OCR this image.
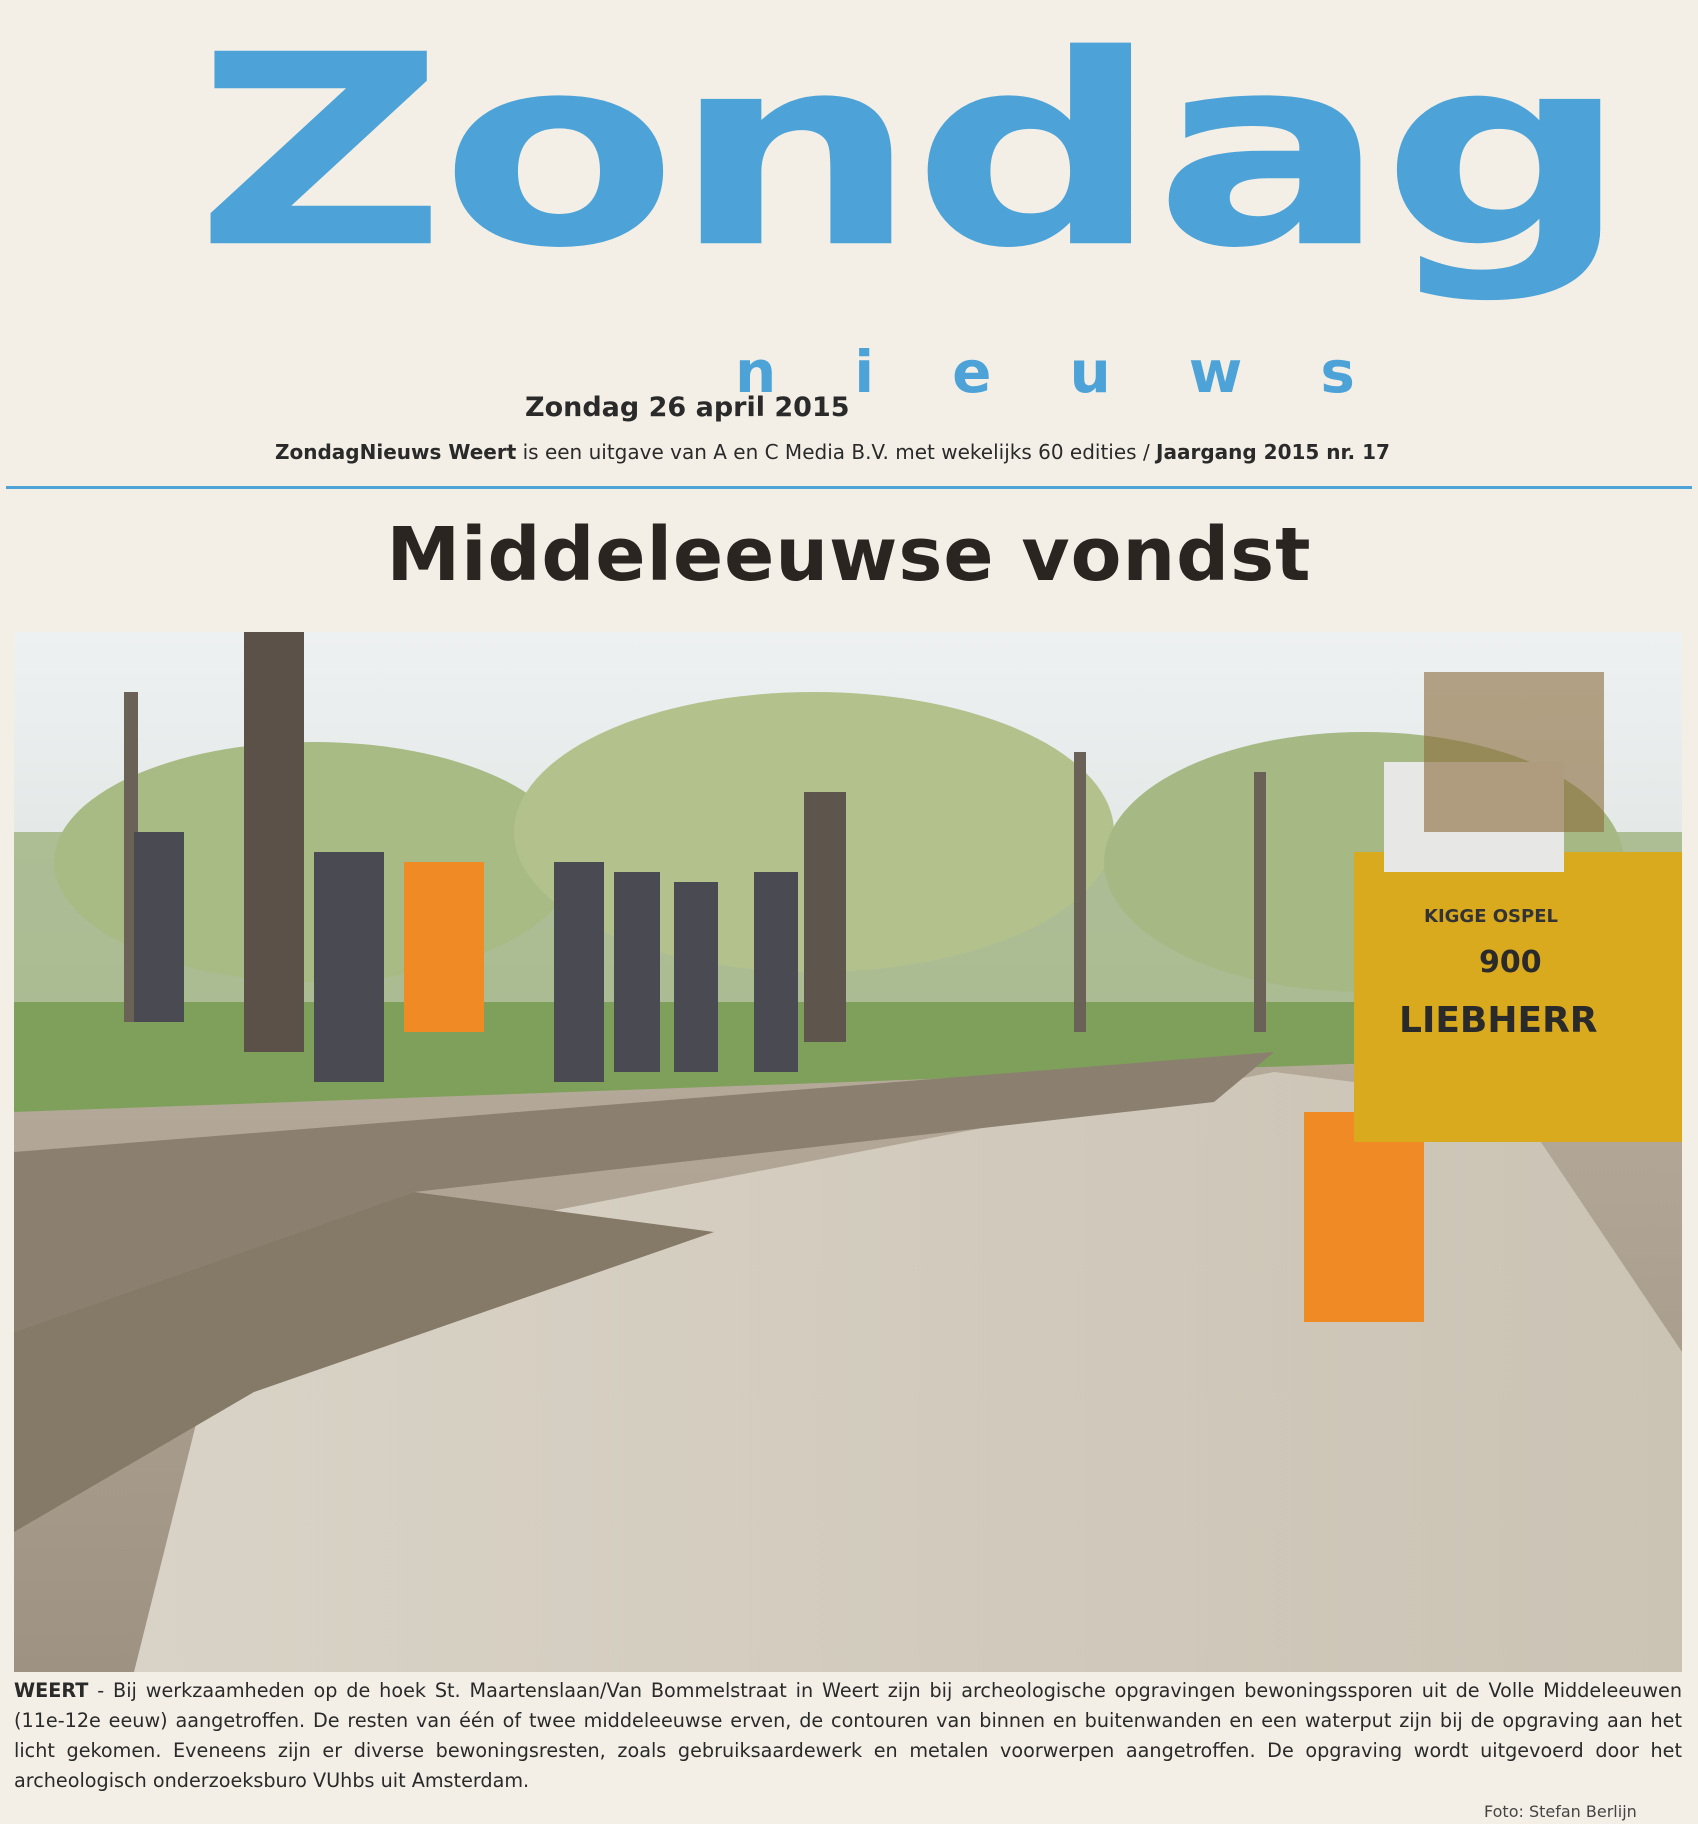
Zondag
nieuws
Zondag 26 april 2015
ZondagNieuws Weert is een uitgave van A en C Media B.V. met wekelijks 60 edities / Jaargang 2015 nr. 17
Middeleeuwse vondst
KIGGE OSPEL
900
LIEBHERR
WEERT - Bij werkzaamheden op de hoek St. Maartenslaan/Van Bommelstraat in Weert zijn bij archeologische opgravingen bewoningssporen uit de Volle Middeleeuwen (11e-12e eeuw) aangetroffen. De resten van één of twee middeleeuwse erven, de contouren van binnen en buitenwanden en een waterput zijn bij de opgraving aan het licht gekomen. Eveneens zijn er diverse bewoningsresten, zoals gebruiksaardewerk en metalen voorwerpen aangetroffen. De opgraving wordt uitgevoerd door het archeologisch onderzoeksburo VUhbs uit Amsterdam.
Foto: Stefan Berlijn
